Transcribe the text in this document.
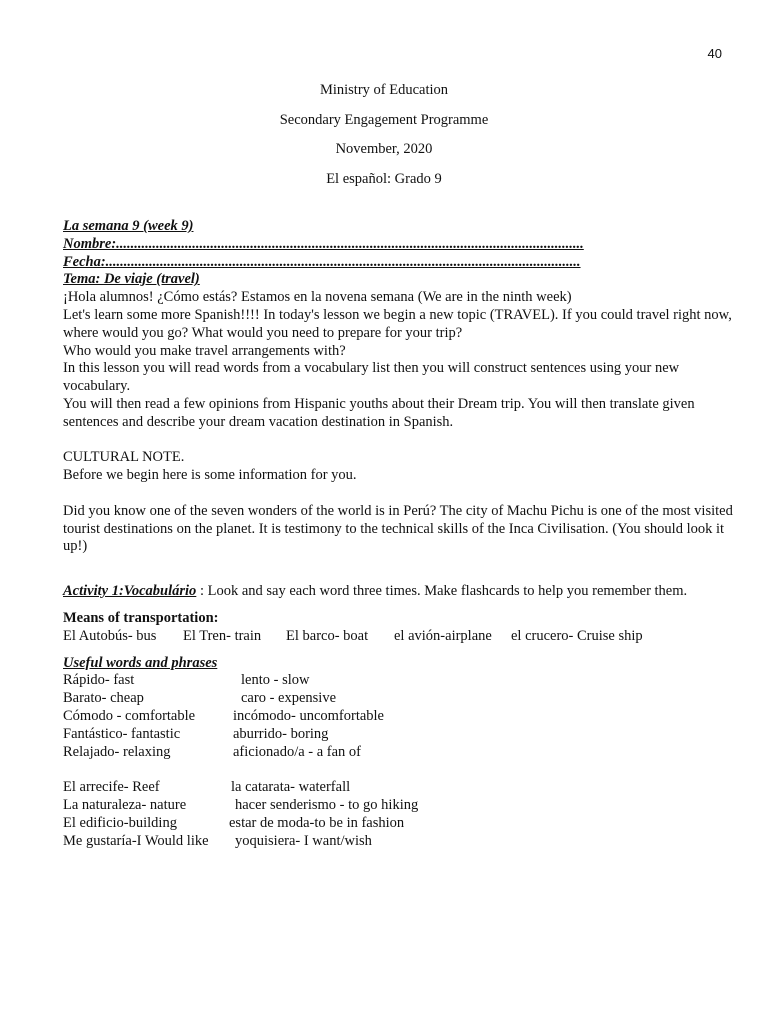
40
Ministry of Education
Secondary Engagement Programme
November, 2020
El español: Grado 9
La semana 9 (week 9)
Nombre:.................................................................................................................................
Fecha:...................................................................................................................................
Tema: De viaje (travel)

¡Hola alumnos! ¿Cómo estás? Estamos en la novena semana (We are in the ninth week)

Let's learn some more Spanish!!!! In today's lesson we begin a new topic (TRAVEL). If you could travel right now, where would you go? What would you need to prepare for your trip?

Who would you make travel arrangements with?

In this lesson you will read words from a vocabulary list then you will construct sentences using your new vocabulary.

You will then read a few opinions from Hispanic youths about their Dream trip. You will then translate given sentences and describe your dream vacation destination in Spanish.

CULTURAL NOTE.
Before we begin here is some information for you.

Did you know one of the seven wonders of the world is in Perú? The city of Machu Pichu is one of the most visited tourist destinations on the planet. It is testimony to the technical skills of the Inca Civilisation. (You should look it up!)

Activity 1:Vocabulário : Look and say each word three times. Make flashcards to help you remember them.
Means of transportation:
El Autobús- bus El Tren- train El barco- boat el avión-airplane el crucero- Cruise ship
Useful words and phrases
Rápido- fast	lento - slow
Barato- cheap	caro - expensive
Cómodo - comfortable	incómodo- uncomfortable
Fantástico- fantastic	aburrido- boring
Relajado- relaxing	aficionado/a - a fan of
El arrecife- Reef	la catarata- waterfall
La naturaleza- nature	hacer senderismo - to go hiking
El edificio-building	estar de moda-to be in fashion
Me gustaría-I Would like	yoquisiera- I want/wish
